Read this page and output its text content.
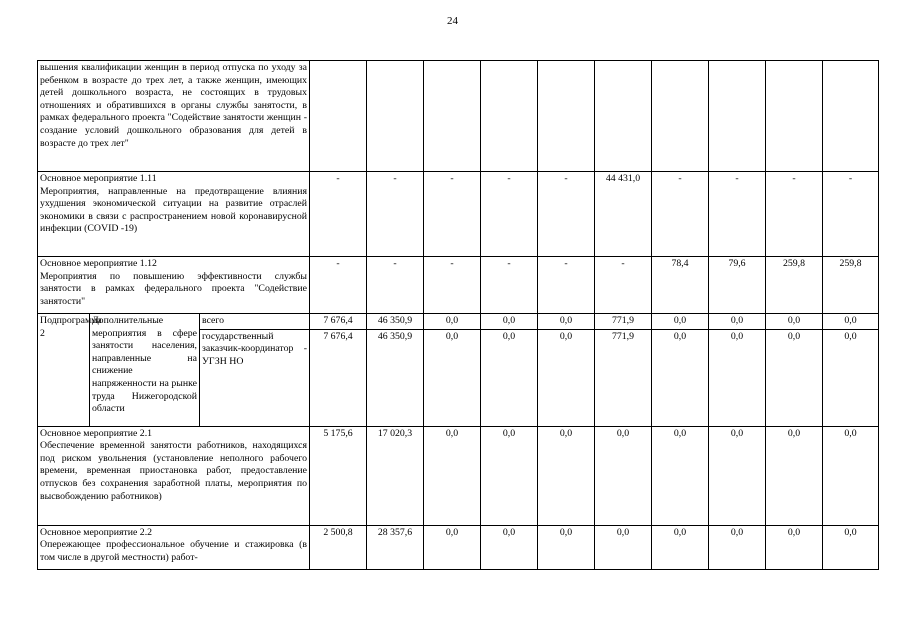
24
вышения квалификации женщин в период отпуска по уходу за ребенком в возрасте до трех лет, а также женщин, имеющих детей дошкольного возраста, не состоящих в трудовых отношениях и обратившихся в органы службы занятости, в рамках федерального проекта "Содействие занятости женщин - создание условий дошкольного образования для детей в возрасте до трех лет"												

Основное мероприятие 1.11
Мероприятия, направленные на предотвращение влияния ухудшения экономической ситуации на развитие отраслей экономики в связи с распространением новой коронавирусной инфекции (COVID -19)			-	-	-	-	-	44 431,0	-	-	-	-

Основное мероприятие 1.12
Мероприятия по повышению эффективности службы занятости в рамках федерального проекта "Содействие занятости"			-	-	-	-	-	-	78,4	79,6	259,8	259,8
Подпрограмма 2	Дополнительные мероприятия в сфере занятости населения, направленные на снижение напряженности на рынке труда Нижегородской области	всего	7 676,4	46 350,9	0,0	0,0	0,0	771,9	0,0	0,0	0,0	0,0
		государственный заказчик-координатор - УГЗН НО	7 676,4	46 350,9	0,0	0,0	0,0	771,9	0,0	0,0	0,0	0,0

Основное мероприятие 2.1
Обеспечение временной занятости работников, находящихся под риском увольнения (установление неполного рабочего времени, временная приостановка работ, предоставление отпусков без сохранения заработной платы, мероприятия по высвобождению работников)			5 175,6	17 020,3	0,0	0,0	0,0	0,0	0,0	0,0	0,0	0,0

Основное мероприятие 2.2
Опережающее профессиональное обучение и стажировка (в том числе в другой местности) работ-			2 500,8	28 357,6	0,0	0,0	0,0	0,0	0,0	0,0	0,0	0,0
